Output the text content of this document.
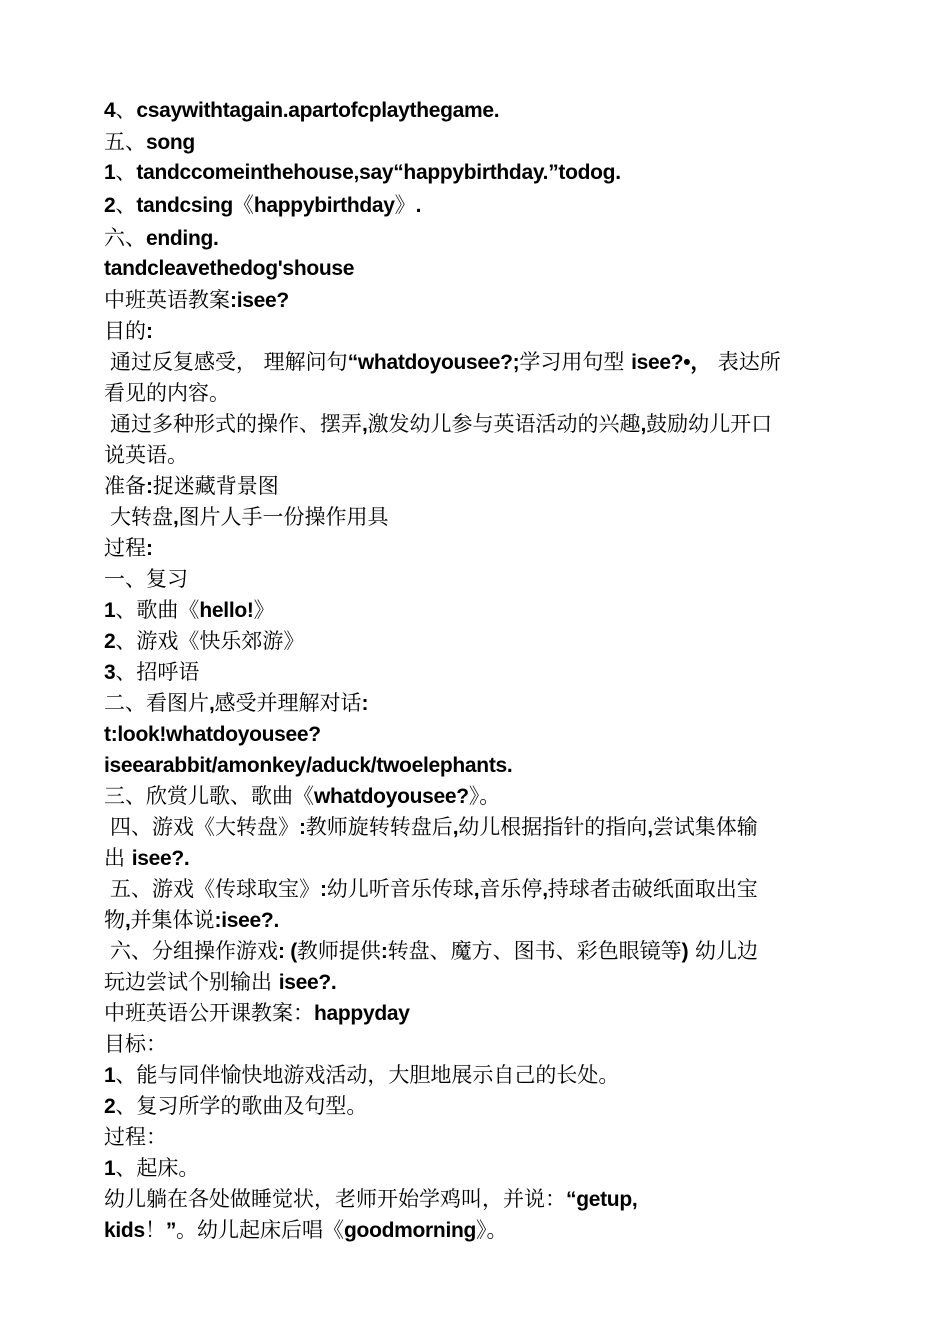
4、csaywithtagain.apartofcplaythegame.
五、song
1、tandccomeinthehouse,say“happybirthday.”todog.
2、tandcsing《happybirthday》.
六、ending.
tandcleavethedog'shouse
中班英语教案:isee?
目的:
通过反复感受， 理解问句“whatdoyousee?;学习用句型 isee?•， 表达所
看见的内容。
通过多种形式的操作、摆弄,激发幼儿参与英语活动的兴趣,鼓励幼儿开口
说英语。
准备:捉迷藏背景图
大转盘,图片人手一份操作用具
过程:
一、复习
1、歌曲《hello!》
2、游戏《快乐郊游》
3、招呼语
二、看图片,感受并理解对话:
t:look!whatdoyousee?
iseearabbit/amonkey/aduck/twoelephants.
三、欣赏儿歌、歌曲《whatdoyousee?》。
四、游戏《大转盘》:教师旋转转盘后,幼儿根据指针的指向,尝试集体输
出 isee?.
五、游戏《传球取宝》:幼儿听音乐传球,音乐停,持球者击破纸面取出宝
物,并集体说:isee?.
六、分组操作游戏: (教师提供:转盘、魔方、图书、彩色眼镜等) 幼儿边
玩边尝试个别输出 isee?.
中班英语公开课教案：happyday
目标：
1、能与同伴愉快地游戏活动，大胆地展示自己的长处。
2、复习所学的歌曲及句型。
过程：
1、起床。
幼儿躺在各处做睡觉状，老师开始学鸡叫，并说：“getup,
kids！”。幼儿起床后唱《goodmorning》。
